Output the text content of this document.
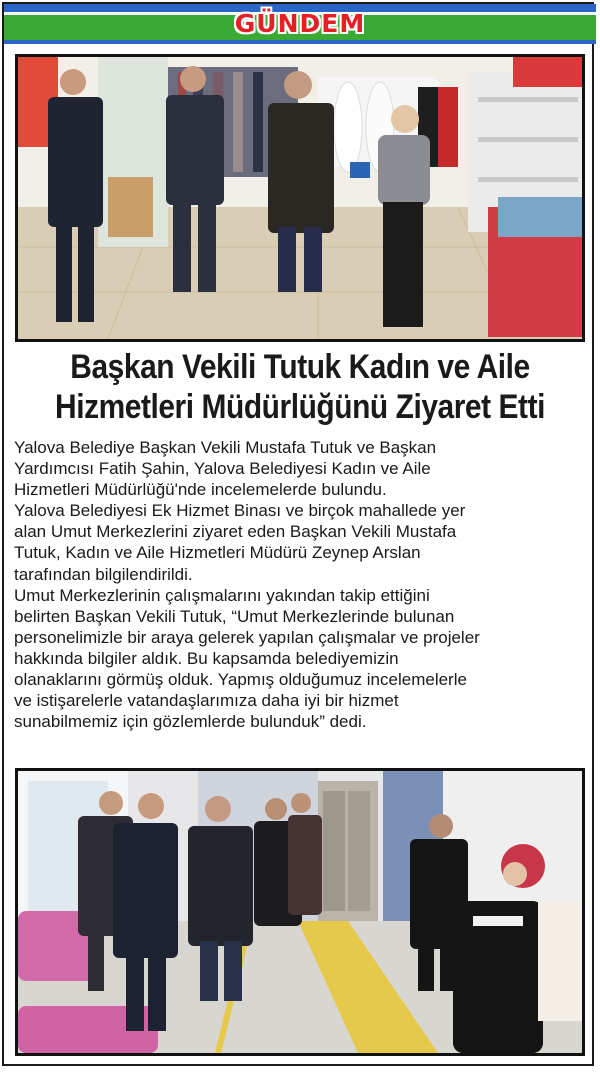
GÜNDEM
Başkan Vekili Tutuk Kadın ve Aile
Hizmetleri Müdürlüğünü Ziyaret Etti
Yalova Belediye Başkan Vekili Mustafa Tutuk ve Başkan
Yardımcısı Fatih Şahin, Yalova Belediyesi Kadın ve Aile
Hizmetleri Müdürlüğü'nde incelemelerde bulundu.
Yalova Belediyesi Ek Hizmet Binası ve birçok mahallede yer
alan Umut Merkezlerini ziyaret eden Başkan Vekili Mustafa
Tutuk, Kadın ve Aile Hizmetleri Müdürü Zeynep Arslan
tarafından bilgilendirildi.
Umut Merkezlerinin çalışmalarını yakından takip ettiğini
belirten Başkan Vekili Tutuk, “Umut Merkezlerinde bulunan
personelimizle bir araya gelerek yapılan çalışmalar ve projeler
hakkında bilgiler aldık. Bu kapsamda belediyemizin
olanaklarını görmüş olduk. Yapmış olduğumuz incelemelerle
ve istişarelerle vatandaşlarımıza daha iyi bir hizmet
sunabilmemiz için gözlemlerde bulunduk” dedi.
